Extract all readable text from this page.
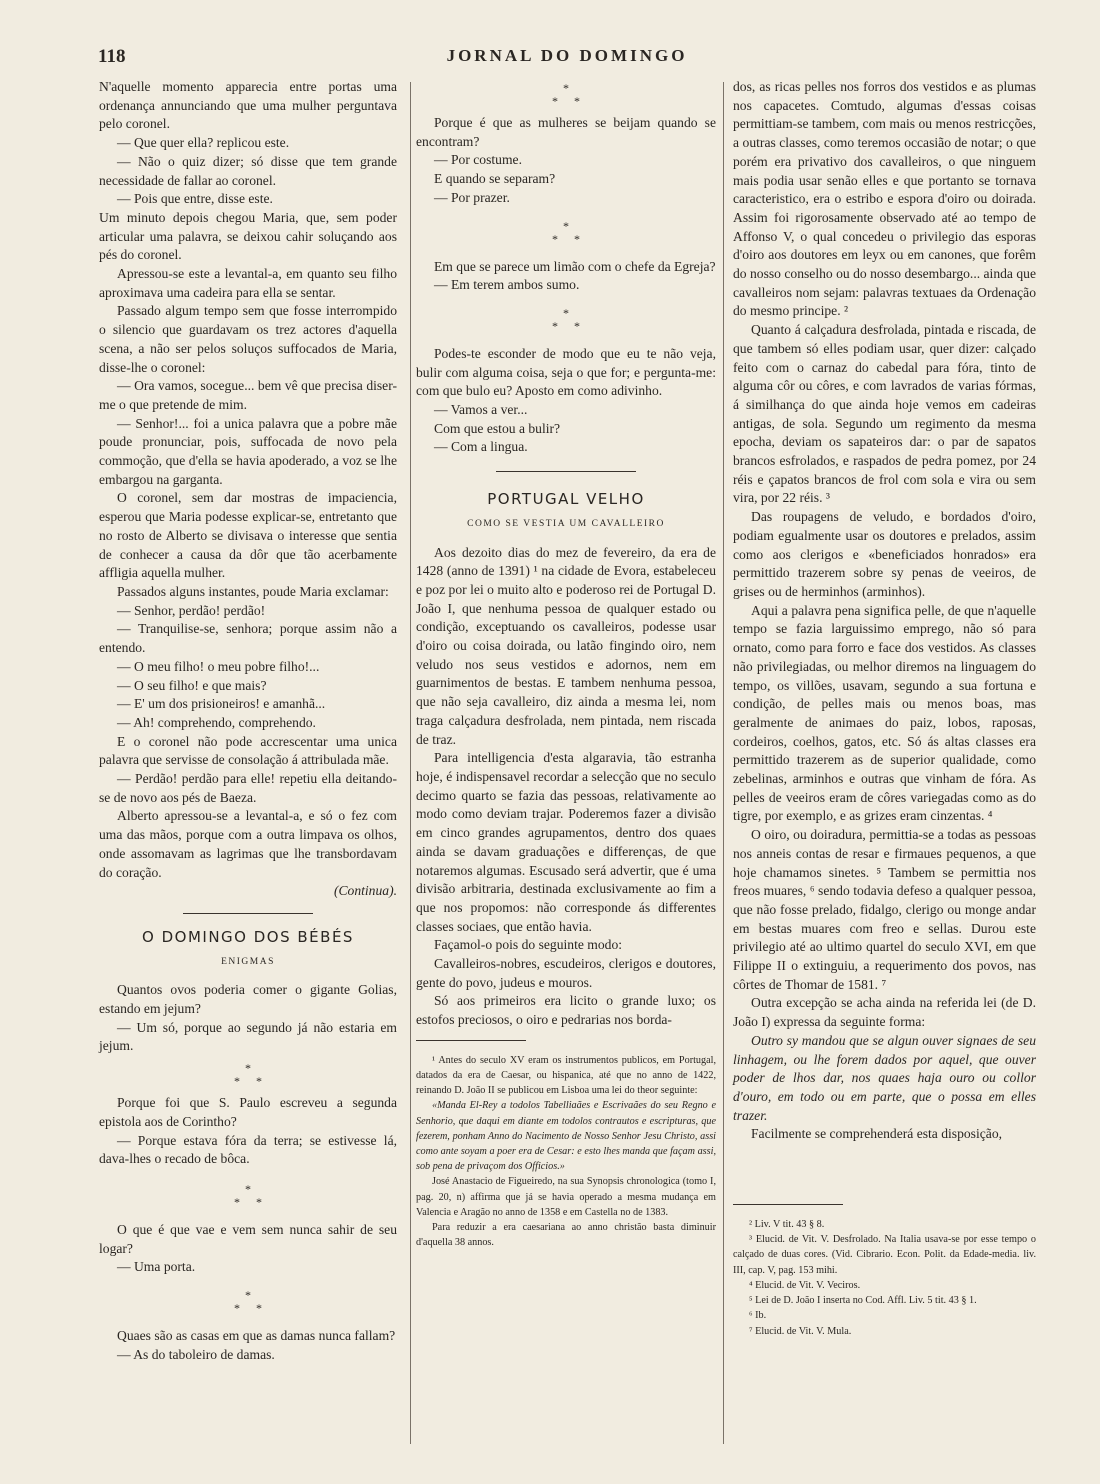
118	JORNAL DO DOMINGO

N'aquelle momento apparecia entre portas uma ordenança annunciando que uma mulher perguntava pelo coronel.

— Que quer ella? replicou este.

— Não o quiz dizer; só disse que tem grande necessidade de fallar ao coronel.

— Pois que entre, disse este.

Um minuto depois chegou Maria, que, sem poder articular uma palavra, se deixou cahir soluçando aos pés do coronel.

Apressou-se este a levantal-a, em quanto seu filho aproximava uma cadeira para ella se sentar.

Passado algum tempo sem que fosse interrompido o silencio que guardavam os trez actores d'aquella scena, a não ser pelos soluços suffocados de Maria, disse-lhe o coronel:

— Ora vamos, socegue... bem vê que precisa diser-me o que pretende de mim.

— Senhor!... foi a unica palavra que a pobre mãe poude pronunciar, pois, suffocada de novo pela commoção, que d'ella se havia apoderado, a voz se lhe embargou na garganta.

O coronel, sem dar mostras de impaciencia, esperou que Maria podesse explicar-se, entretanto que no rosto de Alberto se divisava o interesse que sentia de conhecer a causa da dôr que tão acerbamente affligia aquella mulher.

Passados alguns instantes, poude Maria exclamar:

— Senhor, perdão! perdão!

— Tranquilise-se, senhora; porque assim não a entendo.

— O meu filho! o meu pobre filho!...

— O seu filho! e que mais?

— E' um dos prisioneiros! e amanhã...

— Ah! comprehendo, comprehendo.

E o coronel não pode accrescentar uma unica palavra que servisse de consolação á attribulada mãe.

— Perdão! perdão para elle! repetiu ella deitando-se de novo aos pés de Baeza.

Alberto apressou-se a levantal-a, e só o fez com uma das mãos, porque com a outra limpava os olhos, onde assomavam as lagrimas que lhe transbordavam do coração.

(Continua).

O DOMINGO DOS BÉBÉS
ENIGMAS

Quantos ovos poderia comer o gigante Golias, estando em jejum?

— Um só, porque ao segundo já não estaria em jejum.

*
**

Porque foi que S. Paulo escreveu a segunda epistola aos de Corintho?

— Porque estava fóra da terra; se estivesse lá, dava-lhes o recado de bôca.

*
**

O que é que vae e vem sem nunca sahir de seu logar?

— Uma porta.

*
**

Quaes são as casas em que as damas nunca fallam?

— As do taboleiro de damas.

*
**

Porque é que as mulheres se beijam quando se encontram?

— Por costume.

E quando se separam?

— Por prazer.

*
**

Em que se parece um limão com o chefe da Egreja?

— Em terem ambos sumo.

*
**

Podes-te esconder de modo que eu te não veja, bulir com alguma coisa, seja o que for; e pergunta-me: com que bulo eu? Aposto em como adivinho.

— Vamos a ver...

Com que estou a bulir?

— Com a lingua.

PORTUGAL VELHO
COMO SE VESTIA UM CAVALLEIRO

Aos dezoito dias do mez de fevereiro, da era de 1428 (anno de 1391) ¹ na cidade de Evora, estabeleceu e poz por lei o muito alto e poderoso rei de Portugal D. João I, que nenhuma pessoa de qualquer estado ou condição, exceptuando os cavalleiros, podesse usar d'oiro ou coisa doirada, ou latão fingindo oiro, nem veludo nos seus vestidos e adornos, nem em guarnimentos de bestas. E tambem nenhuma pessoa, que não seja cavalleiro, diz ainda a mesma lei, nom traga calçadura desfrolada, nem pintada, nem riscada de traz.

Para intelligencia d'esta algaravia, tão estranha hoje, é indispensavel recordar a selecção que no seculo decimo quarto se fazia das pessoas, relativamente ao modo como deviam trajar. Poderemos fazer a divisão em cinco grandes agrupamentos, dentro dos quaes ainda se davam graduações e differenças, de que notaremos algumas. Escusado será advertir, que é uma divisão arbitraria, destinada exclusivamente ao fim a que nos propomos: não corresponde ás differentes classes sociaes, que então havia.

Façamol-o pois do seguinte modo:

Cavalleiros-nobres, escudeiros, clerigos e doutores, gente do povo, judeus e mouros.

Só aos primeiros era licito o grande luxo; os estofos preciosos, o oiro e pedrarias nos borda-

¹ Antes do seculo XV eram os instrumentos publicos, em Portugal, datados da era de Caesar, ou hispanica, até que no anno de 1422, reinando D. João II se publicou em Lisboa uma lei do theor seguinte:

«Manda El-Rey a todolos Tabelliaães e Escrivaães do seu Regno e Senhorio, que daqui em diante em todolos contrautos e escripturas, que fezerem, ponham Anno do Nacimento de Nosso Senhor Jesu Christo, assi como ante soyam a poer era de Cesar: e esto lhes manda que façam assi, sob pena de privaçom dos Officios.»

José Anastacio de Figueiredo, na sua Synopsis chronologica (tomo I, pag. 20, n) affirma que já se havia operado a mesma mudança em Valencia e Aragão no anno de 1358 e em Castella no de 1383.

Para reduzir a era caesariana ao anno christão basta diminuir d'aquella 38 annos.

dos, as ricas pelles nos forros dos vestidos e as plumas nos capacetes. Comtudo, algumas d'essas coisas permittiam-se tambem, com mais ou menos restricções, a outras classes, como teremos occasião de notar; o que porém era privativo dos cavalleiros, o que ninguem mais podia usar senão elles e que portanto se tornava caracteristico, era o estribo e espora d'oiro ou doirada. Assim foi rigorosamente observado até ao tempo de Affonso V, o qual concedeu o privilegio das esporas d'oiro aos doutores em leyx ou em canones, que forêm do nosso conselho ou do nosso desembargo... ainda que cavalleiros nom sejam: palavras textuaes da Ordenação do mesmo principe. ²

Quanto á calçadura desfrolada, pintada e riscada, de que tambem só elles podiam usar, quer dizer: calçado feito com o carnaz do cabedal para fóra, tinto de alguma côr ou côres, e com lavrados de varias fórmas, á similhança do que ainda hoje vemos em cadeiras antigas, de sola. Segundo um regimento da mesma epocha, deviam os sapateiros dar: o par de sapatos brancos esfrolados, e raspados de pedra pomez, por 24 réis e çapatos brancos de frol com sola e vira ou sem vira, por 22 réis. ³

Das roupagens de veludo, e bordados d'oiro, podiam egualmente usar os doutores e prelados, assim como aos clerigos e «beneficiados honrados» era permittido trazerem sobre sy penas de veeiros, de grises ou de herminhos (arminhos).

Aqui a palavra pena significa pelle, de que n'aquelle tempo se fazia larguissimo emprego, não só para ornato, como para forro e face dos vestidos. As classes não privilegiadas, ou melhor diremos na linguagem do tempo, os villões, usavam, segundo a sua fortuna e condição, de pelles mais ou menos boas, mas geralmente de animaes do paiz, lobos, raposas, cordeiros, coelhos, gatos, etc. Só ás altas classes era permittido trazerem as de superior qualidade, como zebelinas, arminhos e outras que vinham de fóra. As pelles de veeiros eram de côres variegadas como as do tigre, por exemplo, e as grizes eram cinzentas. ⁴

O oiro, ou doiradura, permittia-se a todas as pessoas nos anneis contas de resar e firmaues pequenos, a que hoje chamamos sinetes. ⁵ Tambem se permittia nos freos muares, ⁶ sendo todavia defeso a qualquer pessoa, que não fosse prelado, fidalgo, clerigo ou monge andar em bestas muares com freo e sellas. Durou este privilegio até ao ultimo quartel do seculo XVI, em que Filippe II o extinguiu, a requerimento dos povos, nas côrtes de Thomar de 1581. ⁷

Outra excepção se acha ainda na referida lei (de D. João I) expressa da seguinte forma:

Outro sy mandou que se algun ouver signaes de seu linhagem, ou lhe forem dados por aquel, que ouver poder de lhos dar, nos quaes haja ouro ou collor d'ouro, em todo ou em parte, que o possa em elles trazer.

Facilmente se comprehenderá esta disposição,

² Liv. V tit. 43 § 8.

³ Elucid. de Vit. V. Desfrolado. Na Italia usava-se por esse tempo o calçado de duas cores. (Vid. Cibrario. Econ. Polit. da Edade-media. liv. III, cap. V, pag. 153 mihi.

⁴ Elucid. de Vit. V. Veciros.

⁵ Lei de D. João I inserta no Cod. Affl. Liv. 5 tit. 43 § 1.

⁶ Ib.

⁷ Elucid. de Vit. V. Mula.
